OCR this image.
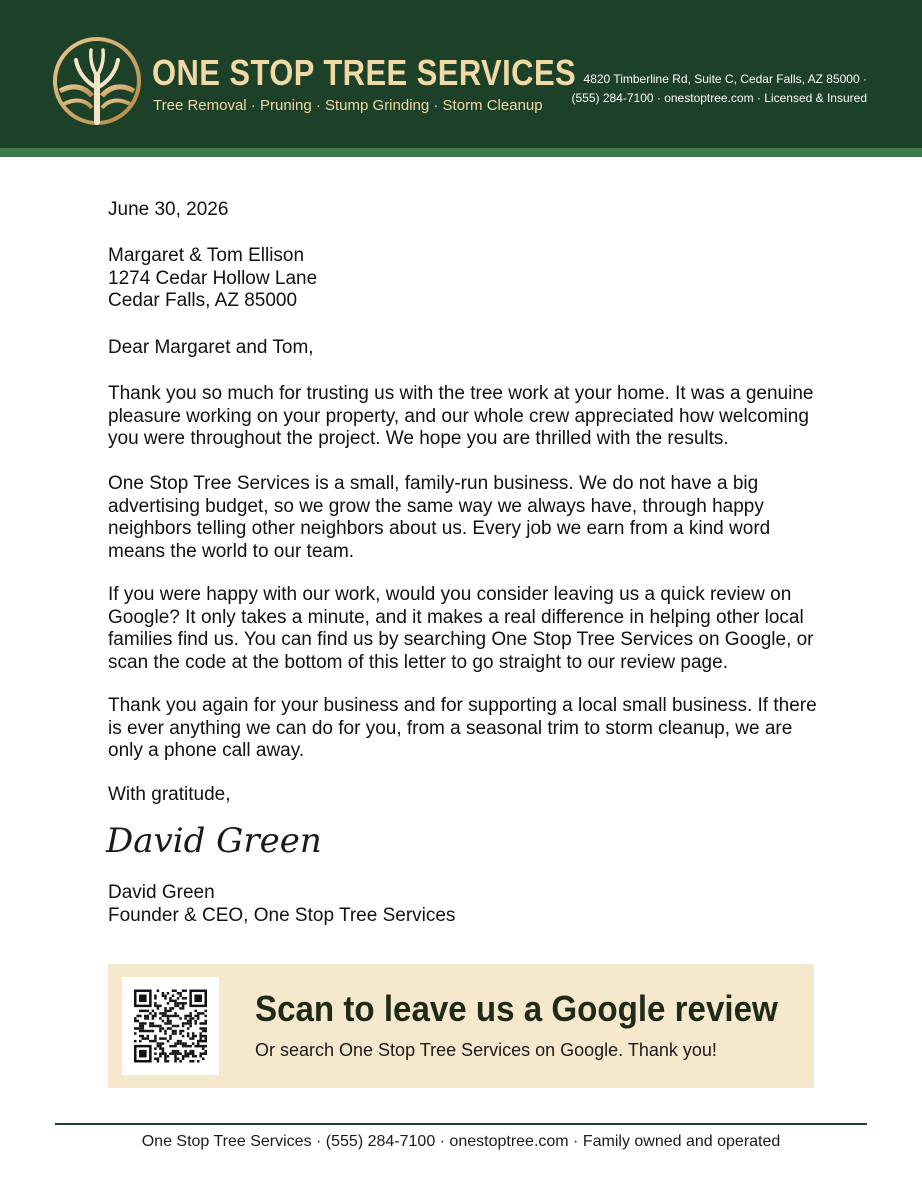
ONE STOP TREE SERVICES
Tree Removal · Pruning · Stump Grinding · Storm Cleanup
4820 Timberline Rd, Suite C, Cedar Falls, AZ 85000 ·
(555) 284-7100 · onestoptree.com · Licensed & Insured
June 30, 2026

Margaret & Tom Ellison

1274 Cedar Hollow Lane

Cedar Falls, AZ 85000

Dear Margaret and Tom,
Thank you so much for trusting us with the tree work at your home. It was a genuine pleasure working on your property, and our whole crew appreciated how welcoming you were throughout the project. We hope you are thrilled with the results.
One Stop Tree Services is a small, family-run business. We do not have a big advertising budget, so we grow the same way we always have, through happy neighbors telling other neighbors about us. Every job we earn from a kind word means the world to our team.
If you were happy with our work, would you consider leaving us a quick review on Google? It only takes a minute, and it makes a real difference in helping other local families find us. You can find us by searching One Stop Tree Services on Google, or scan the code at the bottom of this letter to go straight to our review page.
Thank you again for your business and for supporting a local small business. If there is ever anything we can do for you, from a seasonal trim to storm cleanup, we are only a phone call away.
With gratitude,
David Green

David Green

Founder & CEO, One Stop Tree Services

Scan to leave us a Google review
Or search One Stop Tree Services on Google. Thank you!
One Stop Tree Services · (555) 284-7100 · onestoptree.com · Family owned and operated
